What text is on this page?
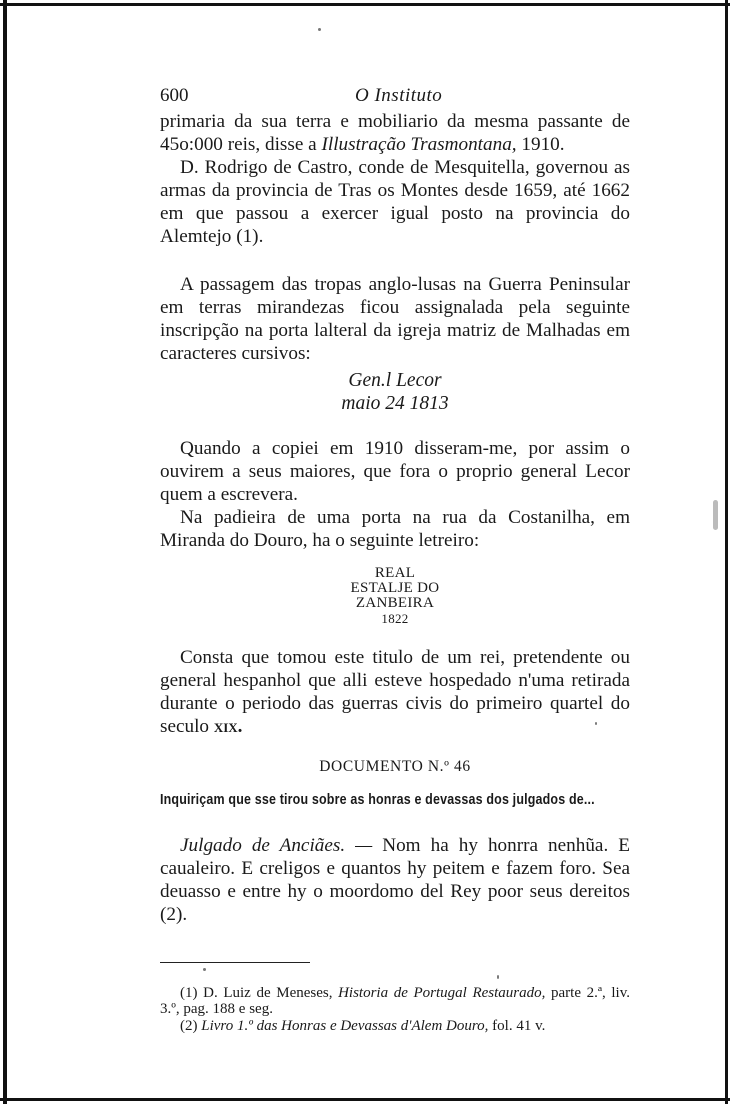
600	O Instituto

primaria da sua terra e mobiliario da mesma passante de 45o:000 reis, disse a Illustração Trasmontana, 1910.

D. Rodrigo de Castro, conde de Mesquitella, governou as armas da provincia de Tras os Montes desde 1659, até 1662 em que passou a exercer igual posto na provincia do Alemtejo (1).

A passagem das tropas anglo-lusas na Guerra Peninsular em terras mirandezas ficou assignalada pela seguinte inscripção na porta lalteral da igreja matriz de Malhadas em caracteres cursivos:

Gen.l Lecor
maio 24 1813

Quando a copiei em 1910 disseram-me, por assim o ouvirem a seus maiores, que fora o proprio general Lecor quem a escrevera.

Na padieira de uma porta na rua da Costanilha, em Miranda do Douro, ha o seguinte letreiro:

REAL
ESTALJE DO
ZANBEIRA
1822

Consta que tomou este titulo de um rei, pretendente ou general hespanhol que alli esteve hospedado n'uma retirada durante o periodo das guerras civis do primeiro quartel do seculo xix.

DOCUMENTO N.º 46
Inquiriçam que sse tirou sobre as honras e devassas dos julgados de...

Julgado de Anciães. — Nom ha hy honrra nenhũa. E caualeiro. E creligos e quantos hy peitem e fazem foro. Sea deuasso e entre hy o moordomo del Rey poor seus dereitos (2).

(1) D. Luiz de Meneses, Historia de Portugal Restaurado, parte 2.ª, liv. 3.º, pag. 188 e seg.

(2) Livro 1.º das Honras e Devassas d'Alem Douro, fol. 41 v.
